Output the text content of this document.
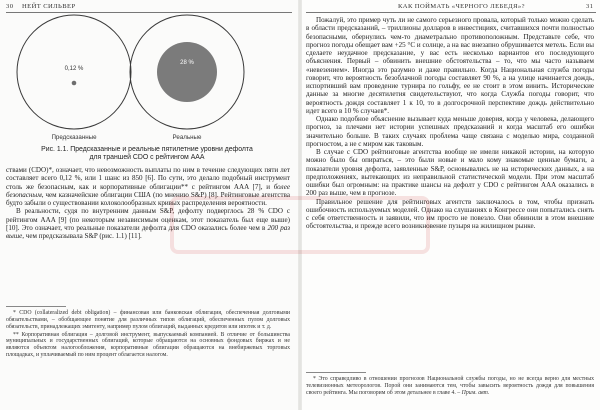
30 НЕЙТ СИЛЬВЕР
0,12 %
Предсказанные
28 %
Реальные
Рис. 1.1. Предсказанные и реальные пятилетние уровни дефолта
для траншей CDO с рейтингом AAA

ствами (CDO)*, означает, что невозможность выплаты по ним в течение следующих пяти лет составляет всего 0,12 %, или 1 шанс из 850 [6]. По сути, это делало подобный инструмент столь же безопасным, как и корпоративные облигации** с рейтингом AAA [7], и более безопасным, чем казначейские облигации США (по мнению S&P) [8]. Рейтинговые агентства будто забыли о существовании колоколообразных кривых распределения вероятности.

В реальности, судя по внутренним данным S&P, дефолту подверглось 28 % CDO с рейтингом AAA [9] (по некоторым независимым оценкам, этот показатель был еще выше) [10]. Это означает, что реальные показатели дефолта для CDO оказались более чем в 200 раз выше, чем предсказывала S&P (рис. 1.1) [11].

* CDO (collateralized debt obligation) – финансовая или банковская облигация, обеспеченная долговыми обязательствами, – обобщающее понятие для различных типов облигаций, обеспеченных пулом долговых обязательств, принадлежащих эмитенту, например пулом облигаций, выданных кредитов или ипотек и т. д.

** Корпоративная облигация – долговой инструмент, выпускаемый компанией. В отличие от большинства муниципальных и государственных облигаций, которые обращаются на основных фондовых биржах и не являются объектом налогообложения, корпоративные облигации обращаются на внебиржевых торговых площадках, и уплачиваемый по ним процент облагается налогом.

КАК ПОЙМАТЬ «ЧЕРНОГО ЛЕБЕДЯ»?	31

Пожалуй, это пример чуть ли не самого серьезного провала, который только можно сделать в области предсказаний, – триллионы долларов в инвестициях, считавшихся почти полностью безопасными, обернулись чем-то диаметрально противоположным. Представьте себе, что прогноз погоды обещает вам +25 °C и солнце, а на вас внезапно обрушивается метель. Если вы сделаете неудачное предсказание, у вас есть несколько вариантов его последующего объяснения. Первый – обвинить внешние обстоятельства – то, что мы часто называем «невезением». Иногда это разумно и даже правильно. Когда Национальная служба погоды говорит, что вероятность безоблачной погоды составляет 90 %, а на улице начинается дождь, испортивший вам проведение турнира по гольфу, ее не стоит в этом винить. Исторические данные за многие десятилетия свидетельствуют, что когда Служба погоды говорит, что вероятность дождя составляет 1 к 10, то в долгосрочной перспективе дождь действительно идет всего в 10 % случаев*.

Однако подобное объяснение вызывает куда меньше доверия, когда у человека, делающего прогноз, за плечами нет истории успешных предсказаний и когда масштаб его ошибки значительно больше. В таких случаях проблема чаще связана с моделью мира, созданной прогностом, а не с миром как таковым.

В случае с CDO рейтинговые агентства вообще не имели никакой истории, на которую можно было бы опираться, – это были новые и мало кому знакомые ценные бумаги, а показатели уровня дефолта, заявленные S&P, основывались не на исторических данных, а на предположениях, вытекающих из неправильной статистической модели. При этом масштаб ошибки был огромным: на практике шансы на дефолт у CDO с рейтингом AAA оказались в 200 раз выше, чем в прогнозе.

Правильное решение для рейтинговых агентств заключалось в том, чтобы признать ошибочность используемых моделей. Однако на слушаниях в Конгрессе они попытались снять с себя ответственность и заявили, что им просто не повезло. Они обвинили в этом внешние обстоятельства, и прежде всего возникновение пузыря на жилищном рынке.

* Это справедливо в отношении прогнозов Национальной службы погоды, но не всегда верно для местных телевизионных метеорологов. Порой они занимаются тем, чтобы завысить вероятность дождя для повышения своего рейтинга. Мы поговорим об этом детальнее в главе 4. – Прим. авт.
